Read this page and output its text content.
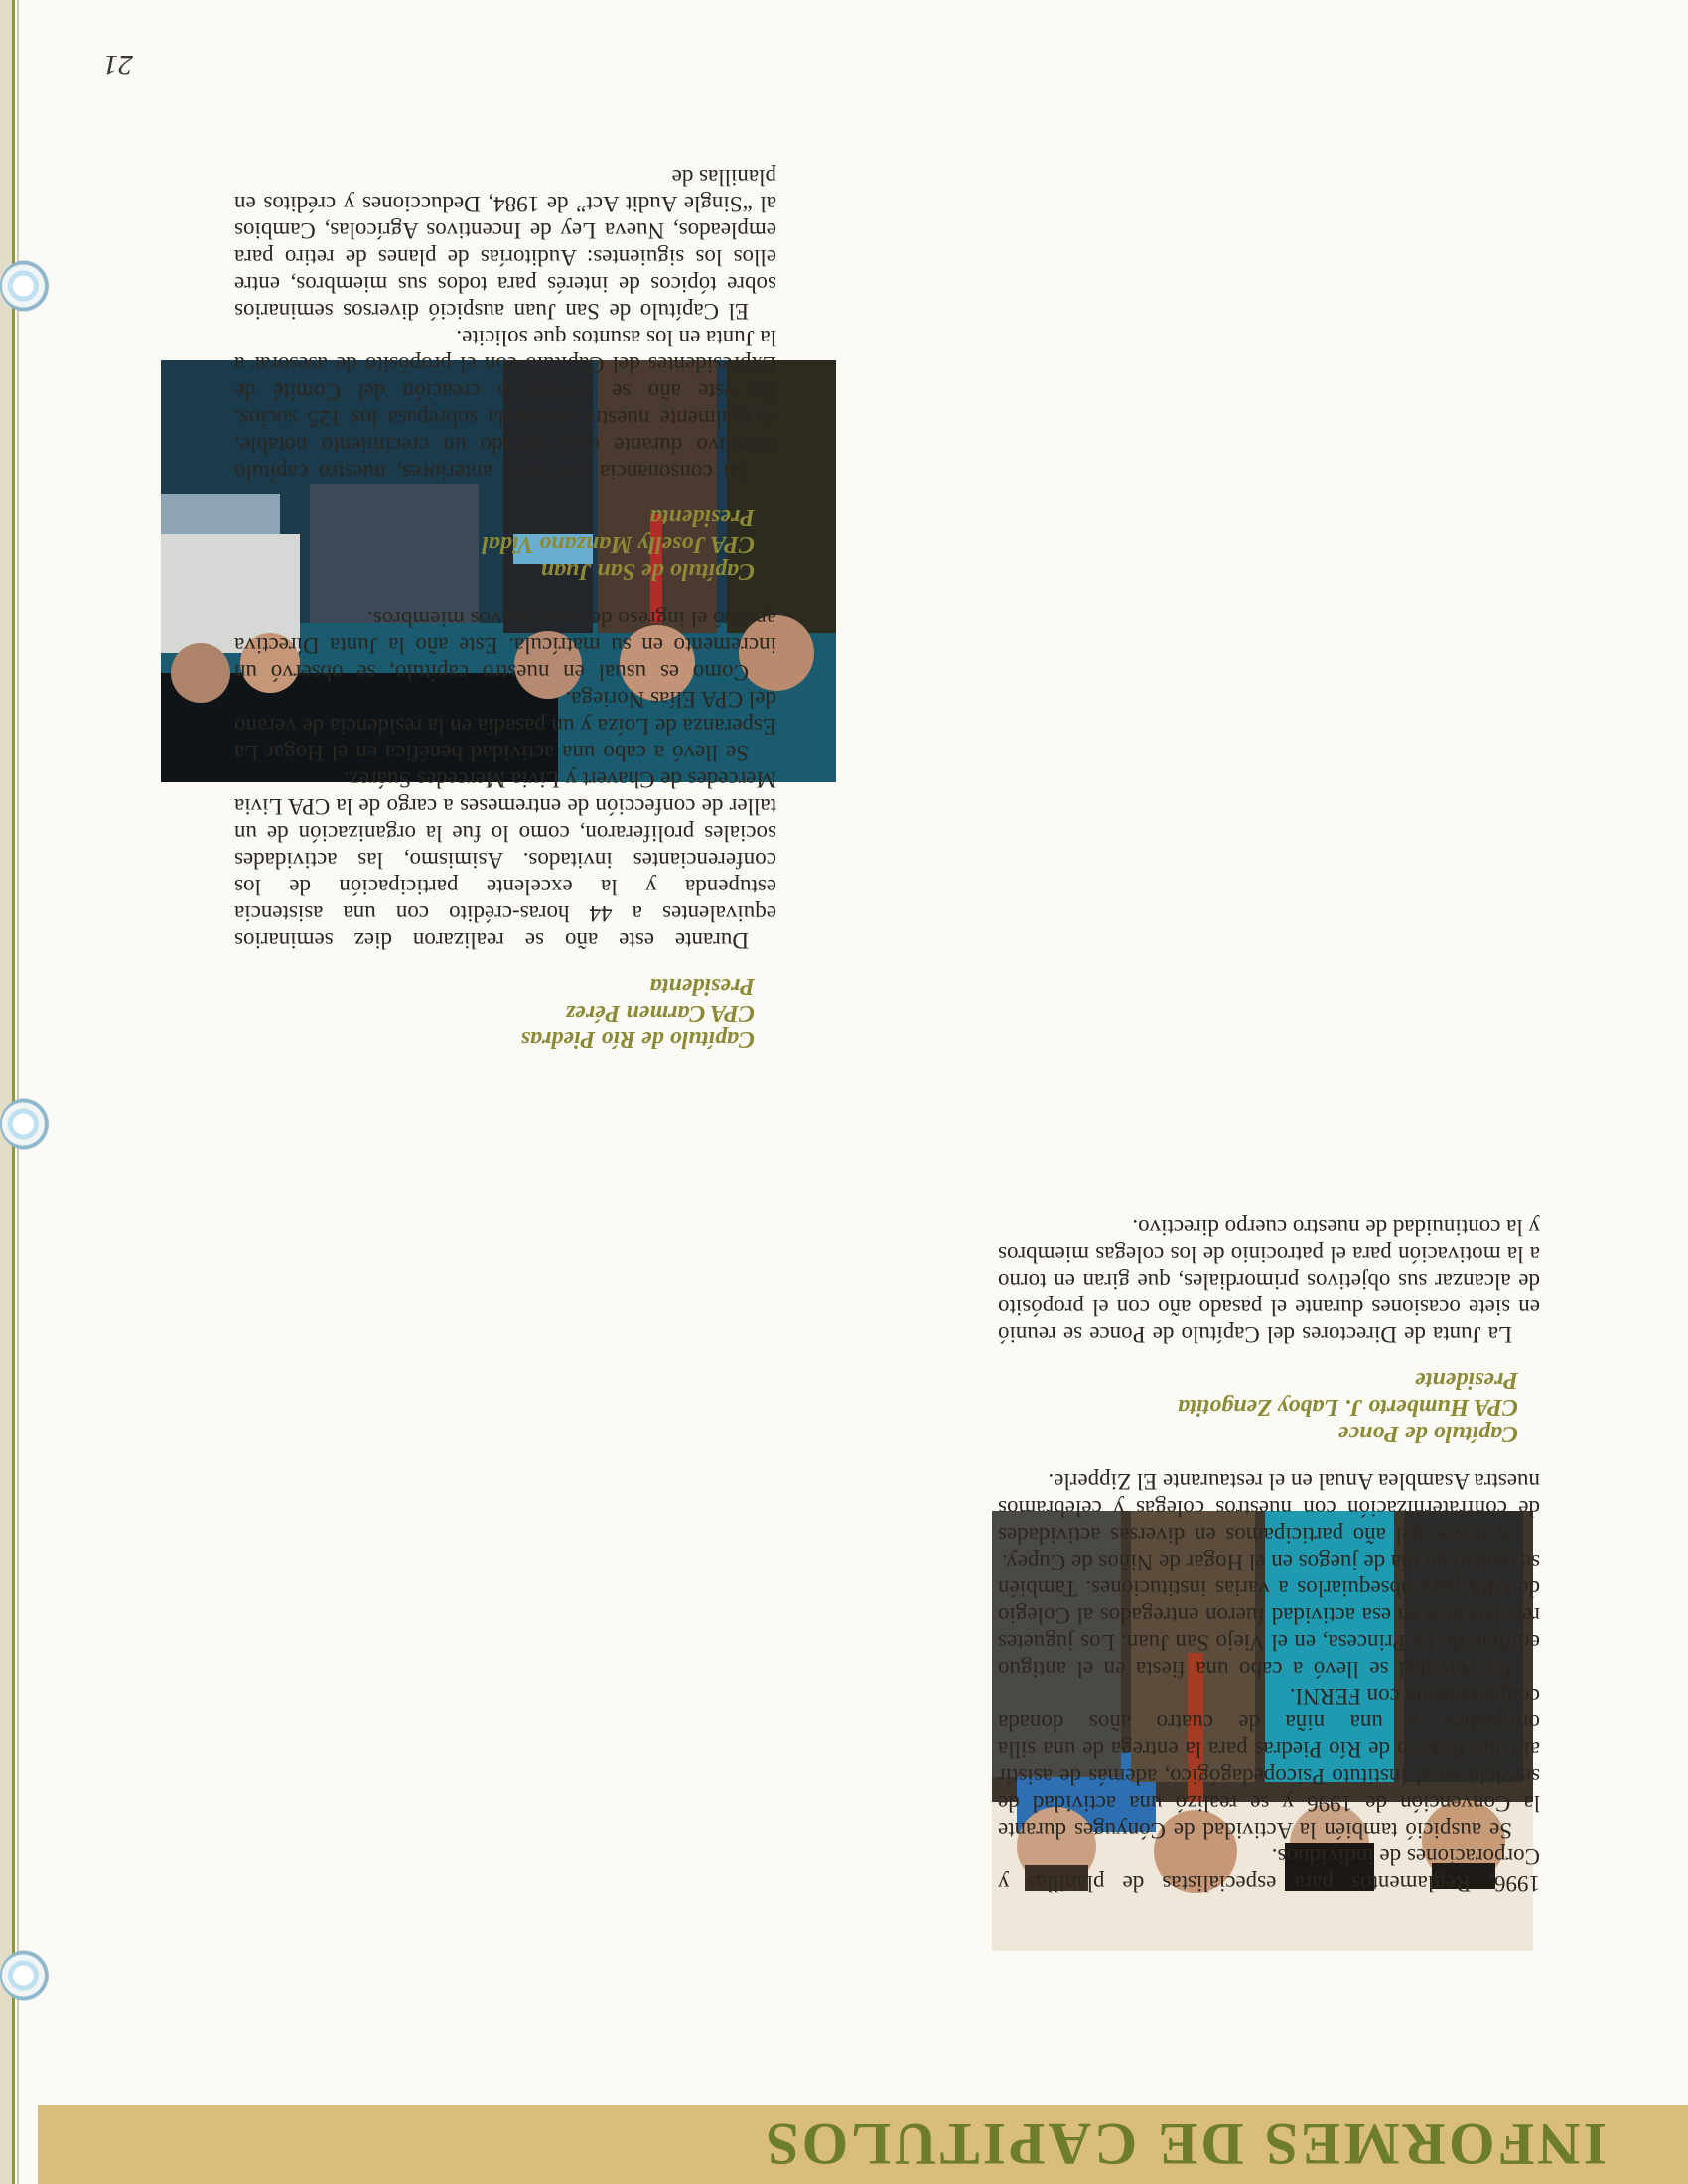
INFORMES DE CAPITULOS

1996, Reglamentos para especialistas de planillas y Corporaciones de individuos.

Se auspició también la Actividad de Cónyuges durante la Convención de 1996 y se realizó una actividad de servicio en el Instituto Psicopedagógico, además de asistir al Club Rotario de Río Piedras para la entrega de una silla ortopédica a una niña de cuatro años donada conjuntamente con FERNI.

En Navidad se llevó a cabo una fiesta en el antiguo edificio de La Princesa, en el Viejo San Juan. Los juguetes recolectados en esa actividad fueron entregados al Colegio de CPA para obsequiarlos a varias instituciones. También se realizó un día de juegos en el Hogar de Niños de Cupey.

A través del año participamos en diversas actividades de confraternización con nuestros colegas y celebramos nuestra Asamblea Anual en el restaurante El Zipperle.

Capítulo de Ponce
CPA Humberto J. Laboy Zengotita
Presidente

La Junta de Directores del Capítulo de Ponce se reunió en siete ocasiones durante el pasado año con el propósito de alcanzar sus objetivos primordiales, que giran en torno a la motivación para el patrocinio de los colegas miembros y la continuidad de nuestro cuerpo directivo.

Capítulo de Río Piedras
CPA Carmen Pérez
Presidenta

Durante este año se realizaron diez seminarios equivalentes a 44 horas-crédito con una asistencia estupenda y la excelente participación de los conferenciantes invitados. Asimismo, las actividades sociales proliferaron, como lo fue la organización de un taller de confección de entremeses a cargo de la CPA Livia Mercedes de Chavert y Livia Mercedes Suárez.

Se llevó a cabo una actividad benéfica en el Hogar La Esperanza de Loíza y un pasadía en la residencia de verano del CPA Elías Noriega.

Como es usual en nuestro capítulo, se observó un incremento en su matrícula. Este año la Junta Directiva aprobó el ingreso de ocho nuevos miembros.

Capítulo de San Juan
CPA Joselly Manzano Vidal
Presidenta

En consonancia con años anteriores, nuestro capítulo mantuvo durante este período un crecimiento notable. Actualmente nuestra matrícula sobrepasa los 125 socios. En este año se aprobó la creación del Comité de Expresidentes del Capítulo con el propósito de asesorar a la Junta en los asuntos que solicite.

El Capítulo de San Juan auspició diversos seminarios sobre tópicos de interés para todos sus miembros, entre ellos los siguientes: Auditorías de planes de retiro para empleados, Nueva Ley de Incentivos Agrícolas, Cambios al “Single Audit Act” de 1984, Deducciones y créditos en planillas de

21
